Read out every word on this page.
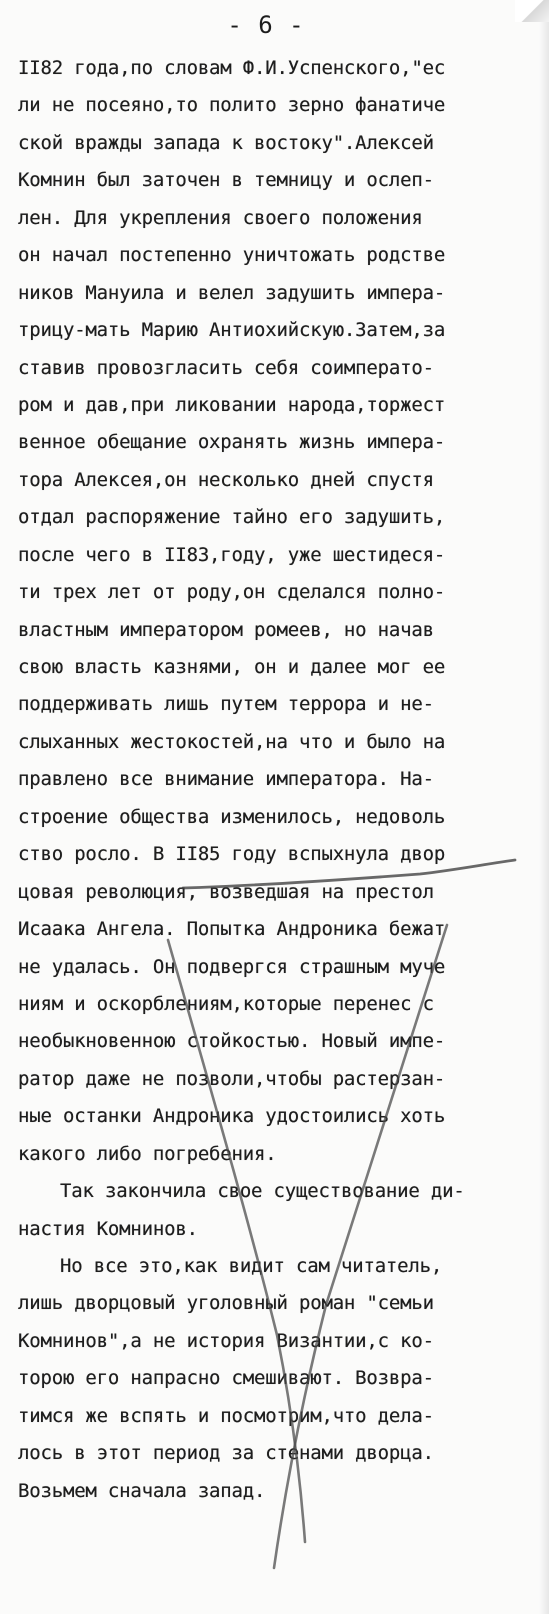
- 6 -
II82 года,по словам Ф.И.Успенского,"ес
ли не посеяно,то полито зерно фанатиче
ской вражды запада к востоку".Алексей
Комнин был заточен в темницу и ослеп-
лен. Для укрепления своего положения
он начал постепенно уничтожать родстве
ников Мануила и велел задушить импера-
трицу-мать Марию Антиохийскую.Затем,за
ставив провозгласить себя соимперато-
ром и дав,при ликовании народа,торжест
венное обещание охранять жизнь импера-
тора Алексея,он несколько дней спустя
отдал распоряжение тайно его задушить,
после чего в II83,году, уже шестидеся-
ти трех лет от роду,он сделался полно-
властным императором ромеев, но начав
свою власть казнями, он и далее мог ее
поддерживать лишь путем террора и не-
слыханных жестокостей,на что и было на
правлено все внимание императора. На-
строение общества изменилось, недоволь
ство росло. В II85 году вспыхнула двор
цовая революция, возведшая на престол
Исаака Ангела. Попытка Андроника бежат
не удалась. Он подвергся страшным муче
ниям и оскорблениям,которые перенес с
необыкновенною стойкостью. Новый импе-
ратор даже не позволи,чтобы растерзан-
ные останки Андроника удостоились хоть
какого либо погребения.
Так закончила свое существование ди-
настия Комнинов.
Но все это,как видит сам читатель,
лишь дворцовый уголовный роман "семьи
Комнинов",а не история Византии,с ко-
торою его напрасно смешивают. Возвра-
тимся же вспять и посмотрим,что дела-
лось в этот период за стенами дворца.
Возьмем сначала запад.
